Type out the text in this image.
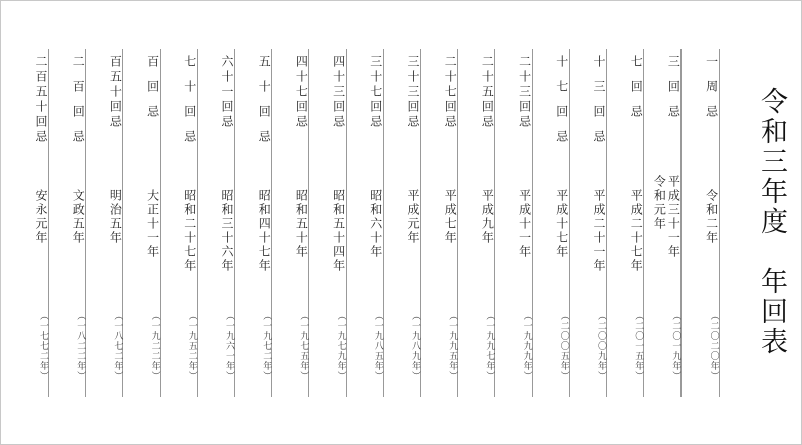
令和三年度　年回表
一周忌
令和二年
（二〇二〇年）
三回忌
平成三十一年
令和元年
（二〇一九年）
七回忌
平成二十七年
（二〇一五年）
十三回忌
平成二十一年
（二〇〇九年）
十七回忌
平成十七年
（二〇〇五年）
二十三回忌
平成十一年
（一九九九年）
二十五回忌
平成九年
（一九九七年）
二十七回忌
平成七年
（一九九五年）
三十三回忌
平成元年
（一九八九年）
三十七回忌
昭和六十年
（一九八五年）
四十三回忌
昭和五十四年
（一九七九年）
四十七回忌
昭和五十年
（一九七五年）
五十回忌
昭和四十七年
（一九七二年）
六十一回忌
昭和三十六年
（一九六一年）
七十回忌
昭和二十七年
（一九五二年）
百回忌
大正十一年
（一九二二年）
百五十回忌
明治五年
（一八七二年）
二百回忌
文政五年
（一八二二年）
二百五十回忌
安永元年
（一七七二年）
